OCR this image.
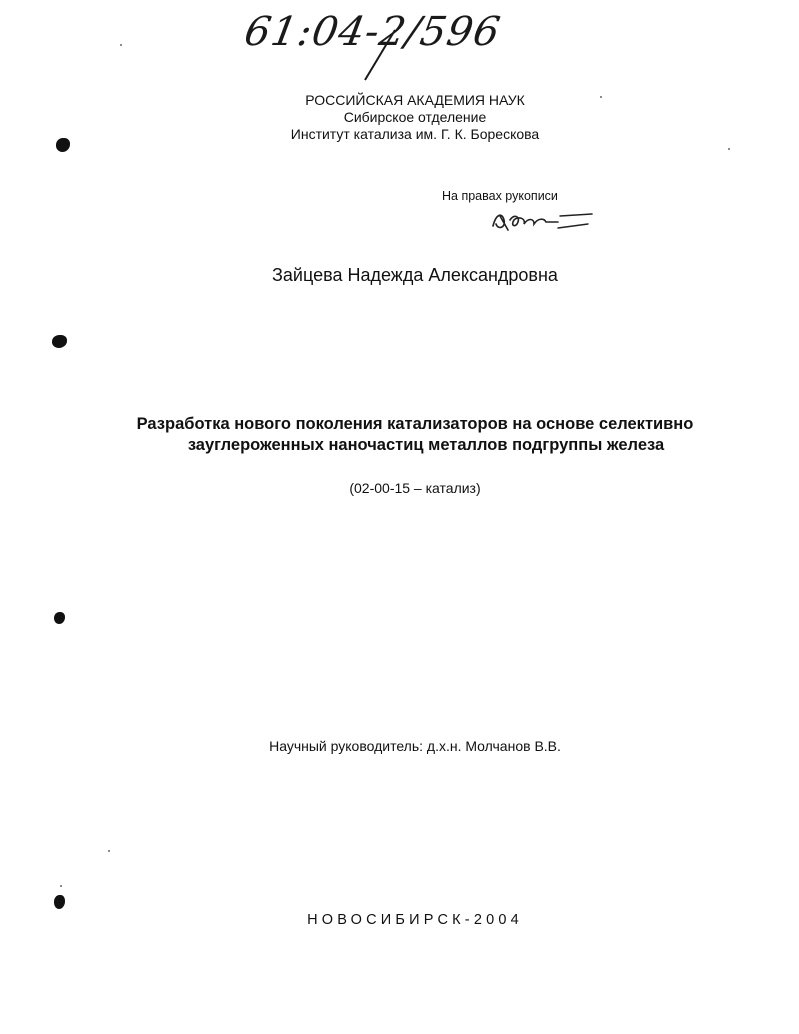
61:04-2/596
РОССИЙСКАЯ АКАДЕМИЯ НАУК
Сибирское отделение
Институт катализа им. Г. К. Борескова
На правах рукописи
Зайцева Надежда Александровна
Разработка нового поколения катализаторов на основе селективно
зауглероженных наночастиц металлов подгруппы железа
(02-00-15 – катализ)
Научный руководитель: д.х.н. Молчанов В.В.
НОВОСИБИРСК-2004
